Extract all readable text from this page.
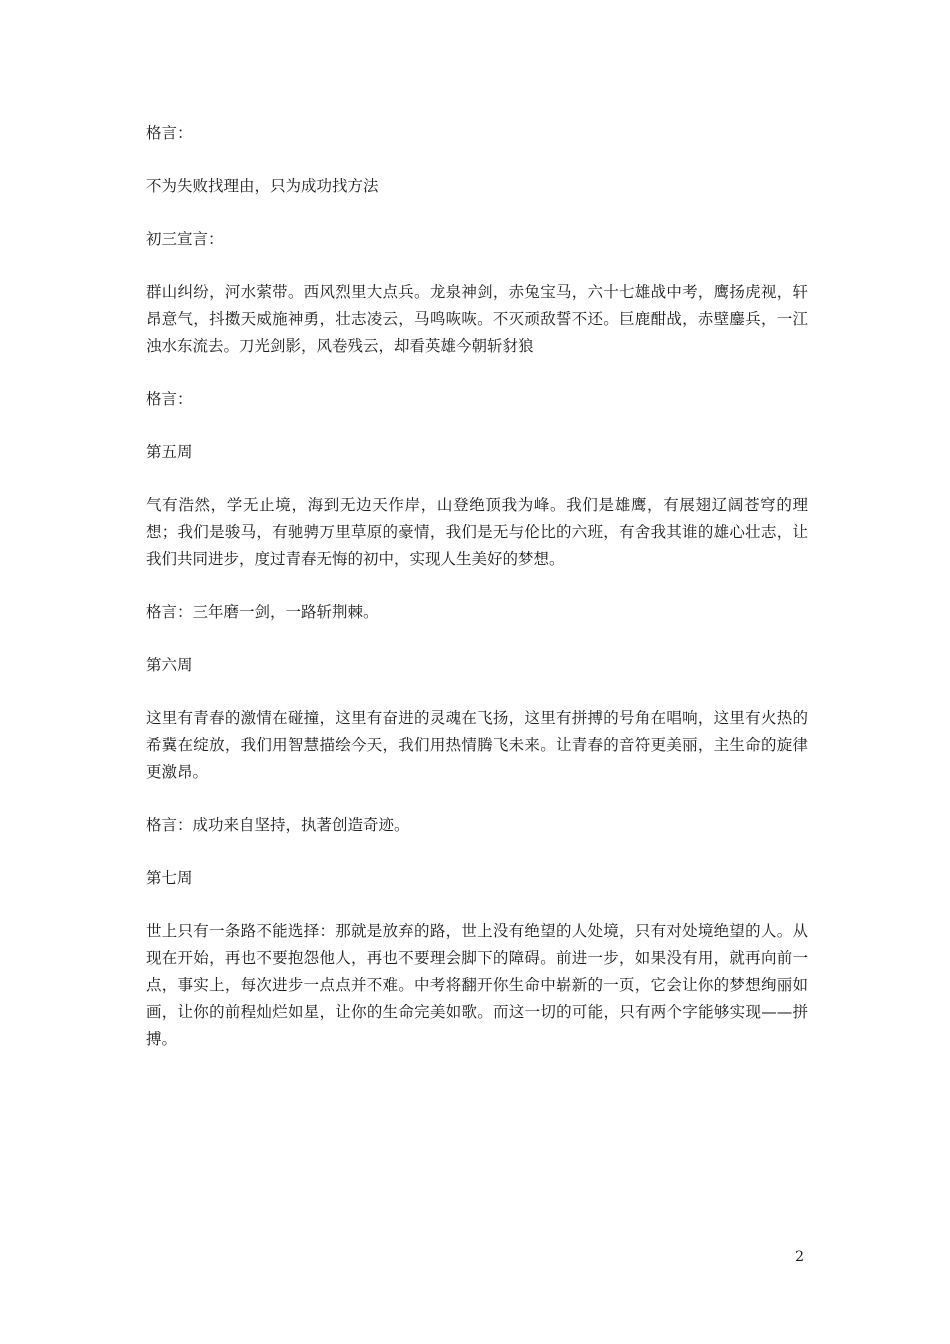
格言：

不为失败找理由，只为成功找方法

初三宣言：

群山纠纷，河水萦带。西风烈里大点兵。龙泉神剑，赤兔宝马，六十七雄战中考，鹰扬虎视，轩昂意气，抖擞天威施神勇，壮志凌云，马鸣咴咴。不灭顽敌誓不还。巨鹿酣战，赤壁鏖兵，一江浊水东流去。刀光剑影，风卷残云，却看英雄今朝斩豺狼

格言：

第五周

气有浩然，学无止境，海到无边天作岸，山登绝顶我为峰。我们是雄鹰，有展翅辽阔苍穹的理想；我们是骏马，有驰骋万里草原的豪情，我们是无与伦比的六班，有舍我其谁的雄心壮志，让我们共同进步，度过青春无悔的初中，实现人生美好的梦想。

格言：三年磨一剑，一路斩荆棘。

第六周

这里有青春的激情在碰撞，这里有奋进的灵魂在飞扬，这里有拼搏的号角在唱响，这里有火热的希冀在绽放，我们用智慧描绘今天，我们用热情腾飞未来。让青春的音符更美丽，主生命的旋律更激昂。

格言：成功来自坚持，执著创造奇迹。

第七周

世上只有一条路不能选择：那就是放弃的路，世上没有绝望的人处境，只有对处境绝望的人。从现在开始，再也不要抱怨他人，再也不要理会脚下的障碍。前进一步，如果没有用，就再向前一点，事实上，每次进步一点点并不难。中考将翻开你生命中崭新的一页，它会让你的梦想绚丽如画，让你的前程灿烂如星，让你的生命完美如歌。而这一切的可能，只有两个字能够实现——拼搏。

2
